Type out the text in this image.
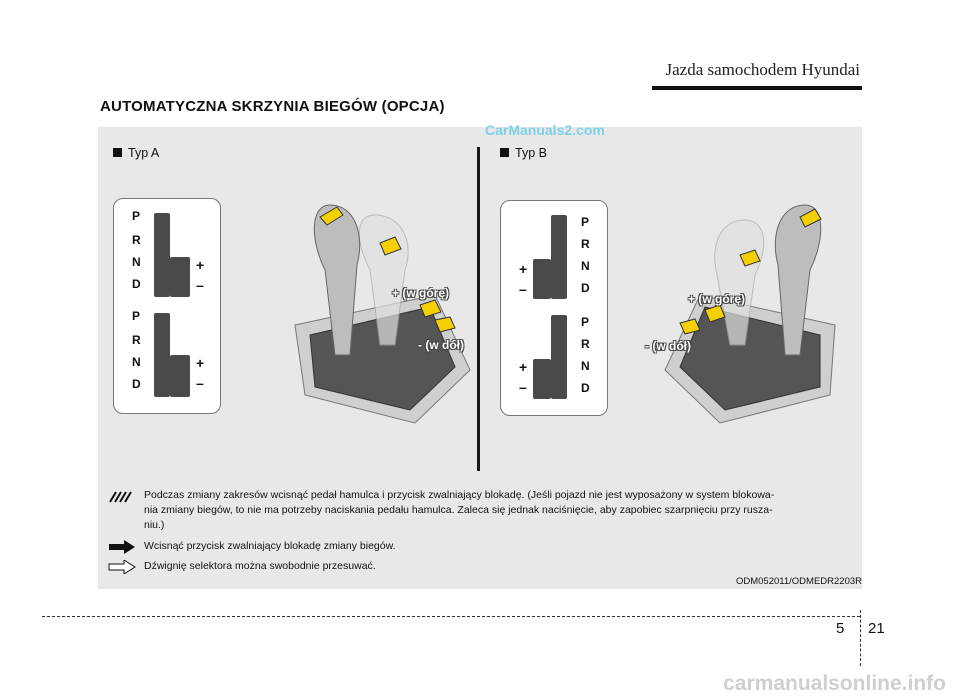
Jazda samochodem Hyundai
AUTOMATYCZNA SKRZYNIA BIEGÓW (OPCJA)
CarManuals2.com
Typ A
P
R
N
D
+
–
P
R
N
D
+
–
+ (w górę)
- (w dół)
Typ B
P
R
N
D
+
–
P
R
N
D
+
–
+ (w górę)
- (w dół)
Podczas zmiany zakresów wcisnąć pedał hamulca i przycisk zwalniający blokadę. (Jeśli pojazd nie jest wyposażony w system blokowa-
nia zmiany biegów, to nie ma potrzeby naciskania pedału hamulca. Zaleca się jednak naciśnięcie, aby zapobiec szarpnięciu przy rusza-
niu.)
Wcisnąć przycisk zwalniający blokadę zmiany biegów.
Dźwignię selektora można swobodnie przesuwać.
ODM052011/ODMEDR2203R
5 21
carmanualsonline.info
